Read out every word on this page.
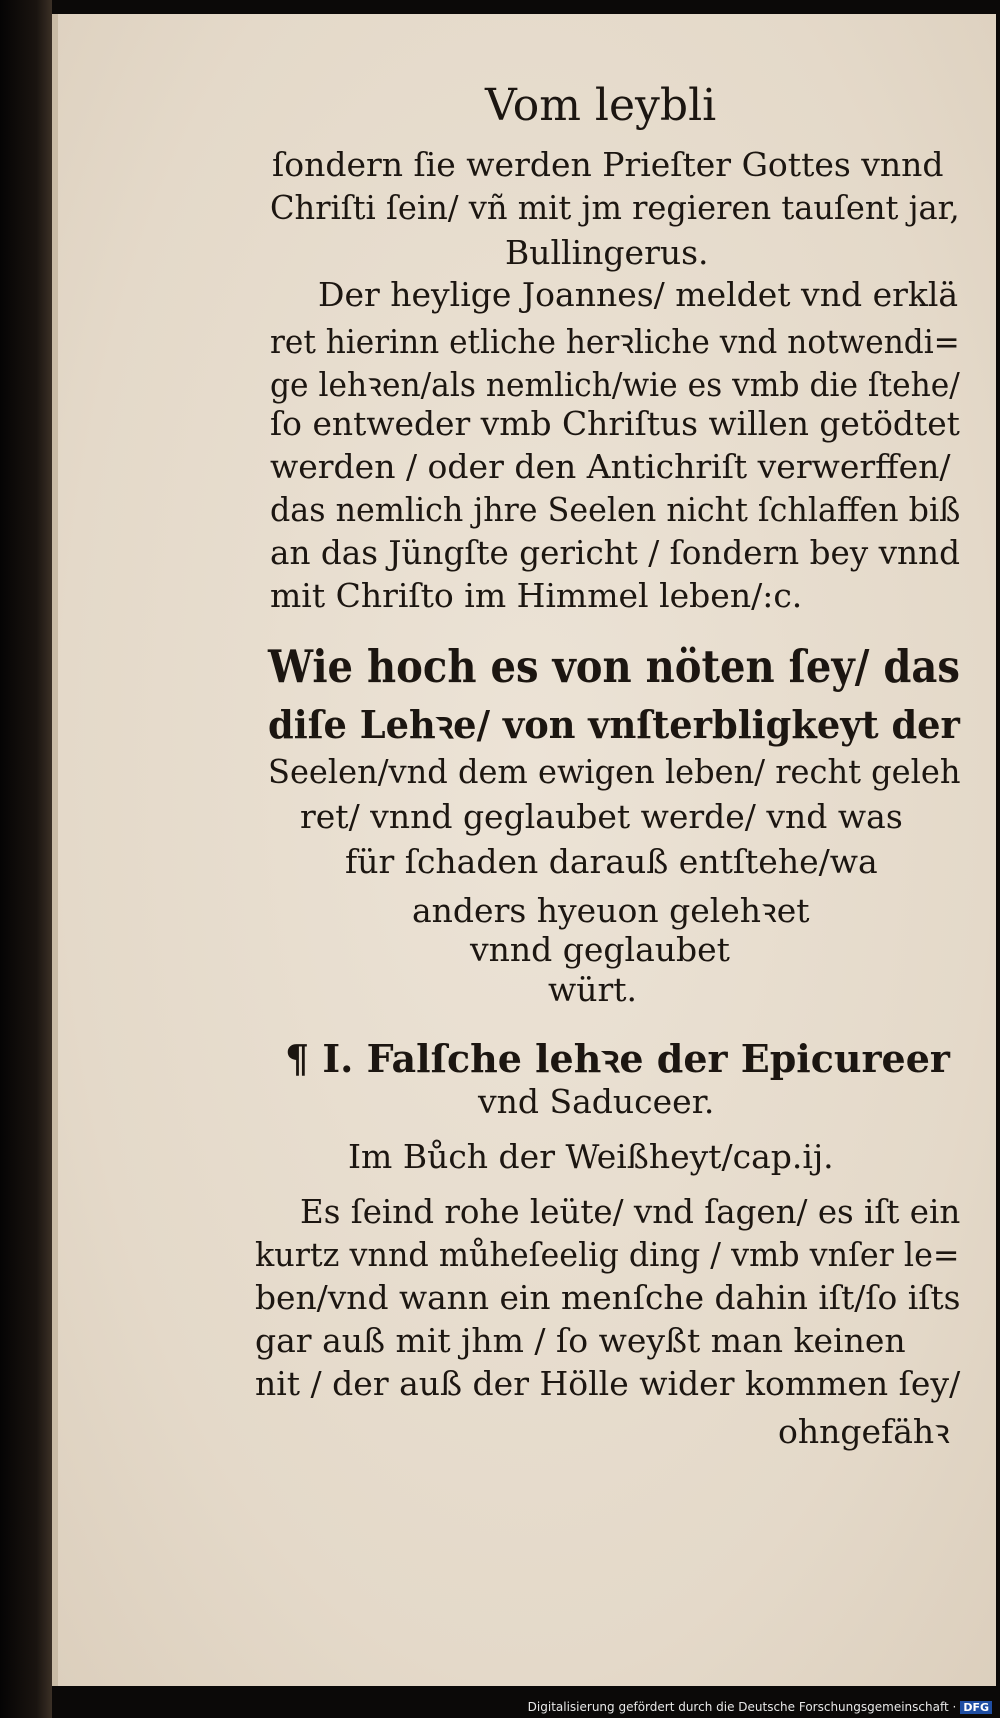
Vom leybli
ſondern ſie werden Prieſter Gottes vnnd
Chriſti ſein/ vñ mit jm regieren tauſent jar,
Bullingerus.
Der heylige Joannes/ meldet vnd erklä
ret hierinn etliche herꝛliche vnd notwendi=
ge lehꝛen/als nemlich/wie es vmb die ſtehe/
ſo entweder vmb Chriſtus willen getödtet
werden / oder den Antichriſt verwerffen/
das nemlich jhre Seelen nicht ſchlaffen biß
an das Jüngſte gericht / ſondern bey vnnd
mit Chriſto im Himmel leben/:c.
Wie hoch es von nöten ſey/ das
diſe Lehꝛe/ von vnſterbligkeyt der
Seelen/vnd dem ewigen leben/ recht geleh
ret/ vnnd geglaubet werde/ vnd was
für ſchaden darauß entſtehe/wa
anders hyeuon gelehꝛet
vnnd geglaubet
würt.
¶ I. Falſche lehꝛe der Epicureer
vnd Saduceer.
Im Bůch der Weißheyt/cap.ij.
Es ſeind rohe leüte/ vnd ſagen/ es iſt ein
kurtz vnnd můheſeelig ding / vmb vnſer le=
ben/vnd wann ein menſche dahin iſt/ſo iſts
gar auß mit jhm / ſo weyßt man keinen
nit / der auß der Hölle wider kommen ſey/
ohngefähꝛ
Digitalisierung gefördert durch die Deutsche Forschungsgemeinschaft · DFG
